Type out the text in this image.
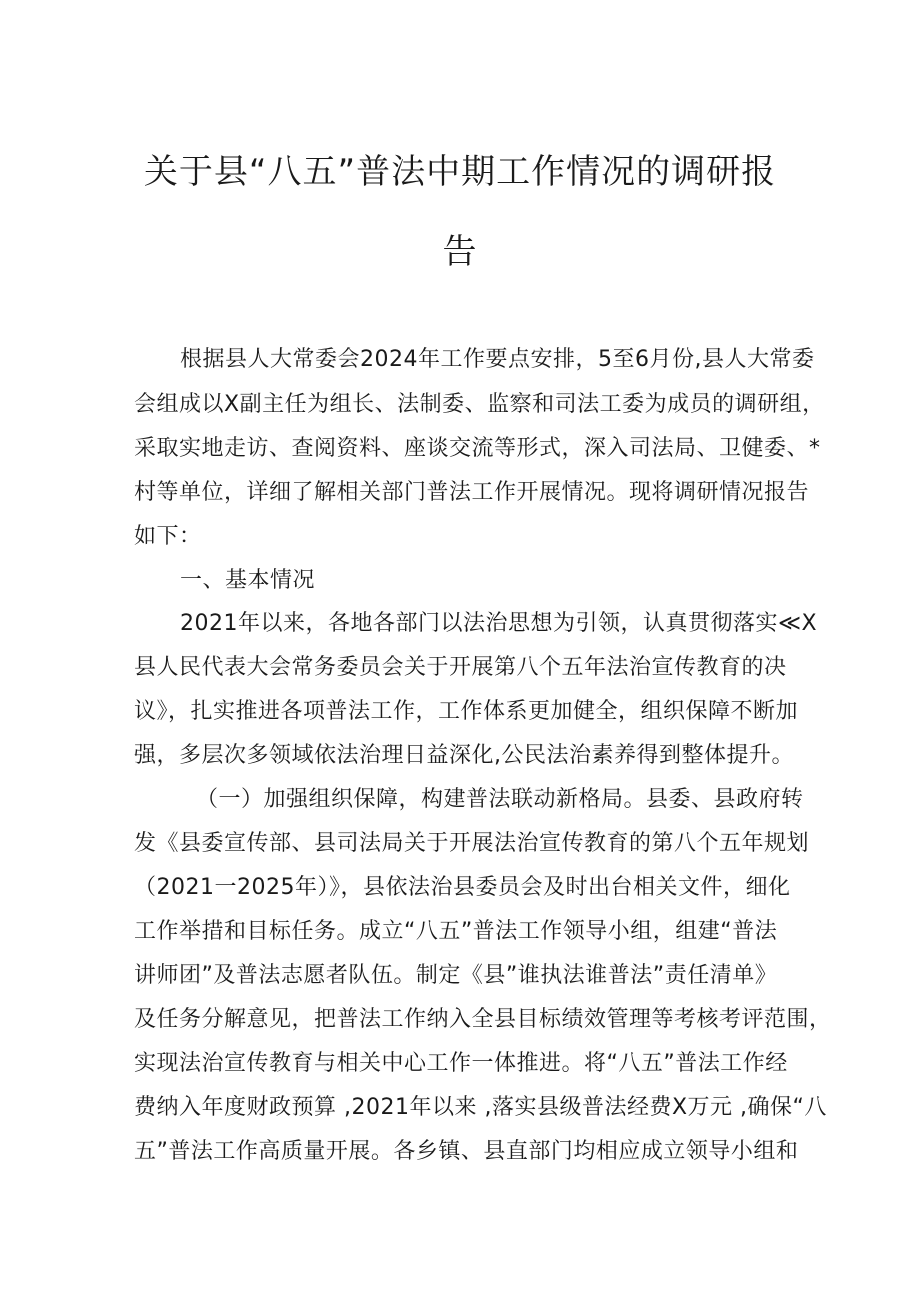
关于县“八五”普法中期工作情况的调研报
告
根据县人大常委会2024年工作要点安排，5至6月份,县人大常委
会组成以X副主任为组长、法制委、监察和司法工委为成员的调研组，
采取实地走访、查阅资料、座谈交流等形式，深入司法局、卫健委、*
村等单位，详细了解相关部门普法工作开展情况。现将调研情况报告
如下：
一、基本情况
2021年以来，各地各部门以法治思想为引领，认真贯彻落实≪X
县人民代表大会常务委员会关于开展第八个五年法治宣传教育的决
议》，扎实推进各项普法工作，工作体系更加健全，组织保障不断加
强，多层次多领域依法治理日益深化,公民法治素养得到整体提升。
（一）加强组织保障，构建普法联动新格局。县委、县政府转
发《县委宣传部、县司法局关于开展法治宣传教育的第八个五年规划
（2021一2025年）》，县依法治县委员会及时出台相关文件，细化
工作举措和目标任务。成立“八五”普法工作领导小组，组建“普法
讲师团”及普法志愿者队伍。制定《县”谁执法谁普法”责任清单》
及任务分解意见，把普法工作纳入全县目标绩效管理等考核考评范围，
实现法治宣传教育与相关中心工作一体推进。将“八五”普法工作经
费纳入年度财政预算 ,2021年以来 ,落实县级普法经费X万元 ,确保“八
五”普法工作高质量开展。各乡镇、县直部门均相应成立领导小组和
